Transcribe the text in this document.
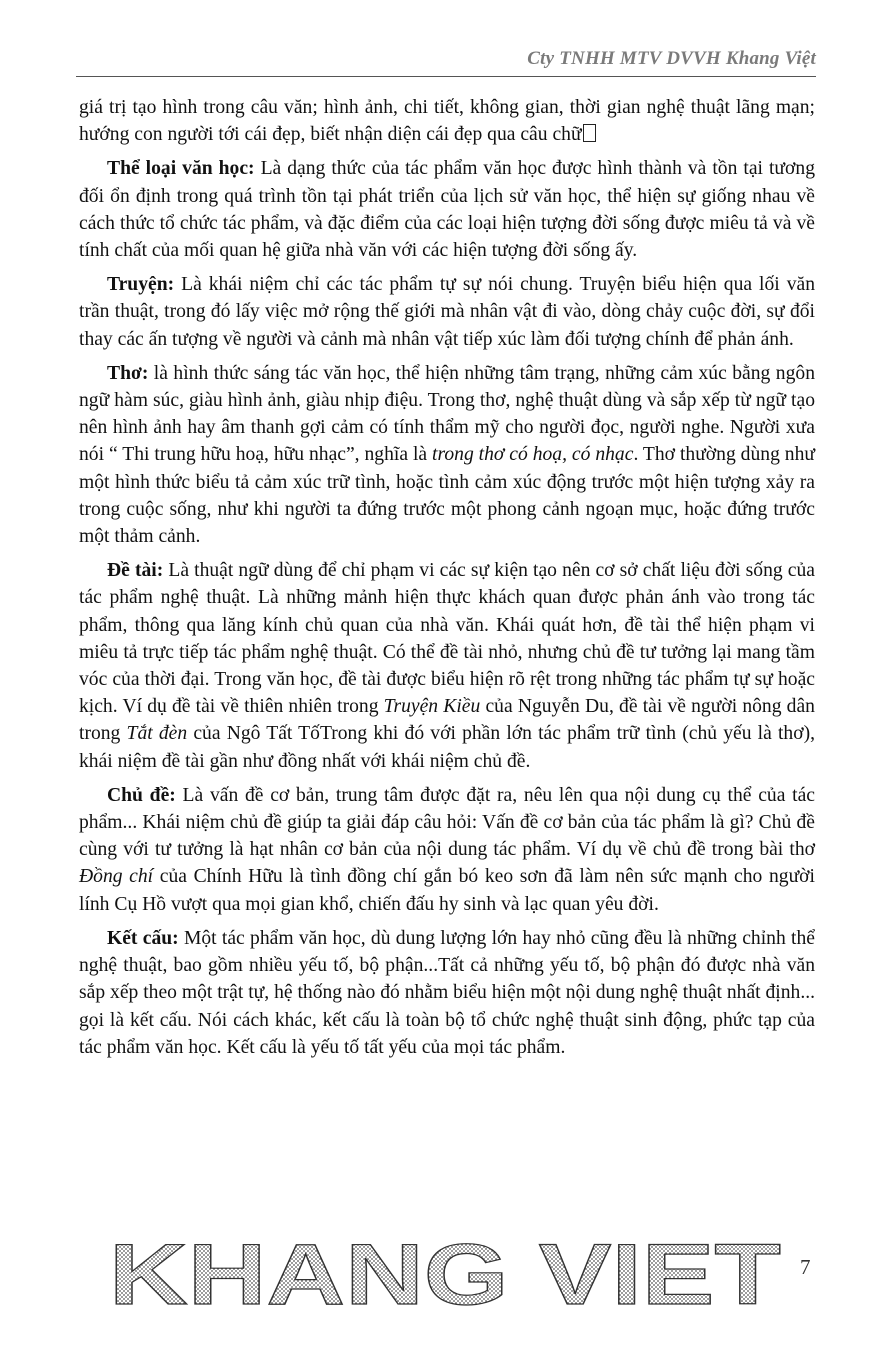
Cty TNHH MTV DVVH Khang Việt

giá trị tạo hình trong câu văn; hình ảnh, chi tiết, không gian, thời gian nghệ thuật lãng mạn; hướng con người tới cái đẹp, biết nhận diện cái đẹp qua câu chữ

Thể loại văn học: Là dạng thức của tác phẩm văn học được hình thành và tồn tại tương đối ổn định trong quá trình tồn tại phát triển của lịch sử văn học, thể hiện sự giống nhau về cách thức tổ chức tác phẩm, và đặc điểm của các loại hiện tượng đời sống được miêu tả và về tính chất của mối quan hệ giữa nhà văn với các hiện tượng đời sống ấy.

Truyện: Là khái niệm chỉ các tác phẩm tự sự nói chung. Truyện biểu hiện qua lối văn trần thuật, trong đó lấy việc mở rộng thế giới mà nhân vật đi vào, dòng chảy cuộc đời, sự đổi thay các ấn tượng về người và cảnh mà nhân vật tiếp xúc làm đối tượng chính để phản ánh.

Thơ: là hình thức sáng tác văn học, thể hiện những tâm trạng, những cảm xúc bằng ngôn ngữ hàm súc, giàu hình ảnh, giàu nhịp điệu. Trong thơ, nghệ thuật dùng và sắp xếp từ ngữ tạo nên hình ảnh hay âm thanh gợi cảm có tính thẩm mỹ cho người đọc, người nghe. Người xưa nói “ Thi trung hữu hoạ, hữu nhạc”, nghĩa là trong thơ có hoạ, có nhạc. Thơ thường dùng như một hình thức biểu tả cảm xúc trữ tình, hoặc tình cảm xúc động trước một hiện tượng xảy ra trong cuộc sống, như khi người ta đứng trước một phong cảnh ngoạn mục, hoặc đứng trước một thảm cảnh.

Đề tài: Là thuật ngữ dùng để chỉ phạm vi các sự kiện tạo nên cơ sở chất liệu đời sống của tác phẩm nghệ thuật. Là những mảnh hiện thực khách quan được phản ánh vào trong tác phẩm, thông qua lăng kính chủ quan của nhà văn. Khái quát hơn, đề tài thể hiện phạm vi miêu tả trực tiếp tác phẩm nghệ thuật. Có thể đề tài nhỏ, nhưng chủ đề tư tưởng lại mang tầm vóc của thời đại. Trong văn học, đề tài được biểu hiện rõ rệt trong những tác phẩm tự sự hoặc kịch. Ví dụ đề tài về thiên nhiên trong Truyện Kiều của Nguyễn Du, đề tài về người nông dân trong Tắt đèn của Ngô Tất TốTrong khi đó với phần lớn tác phẩm trữ tình (chủ yếu là thơ), khái niệm đề tài gần như đồng nhất với khái niệm chủ đề.

Chủ đề: Là vấn đề cơ bản, trung tâm được đặt ra, nêu lên qua nội dung cụ thể của tác phẩm... Khái niệm chủ đề giúp ta giải đáp câu hỏi: Vấn đề cơ bản của tác phẩm là gì? Chủ đề cùng với tư tưởng là hạt nhân cơ bản của nội dung tác phẩm. Ví dụ về chủ đề trong bài thơ Đồng chí của Chính Hữu là tình đồng chí gắn bó keo sơn đã làm nên sức mạnh cho người lính Cụ Hồ vượt qua mọi gian khổ, chiến đấu hy sinh và lạc quan yêu đời.

Kết cấu: Một tác phẩm văn học, dù dung lượng lớn hay nhỏ cũng đều là những chỉnh thể nghệ thuật, bao gồm nhiều yếu tố, bộ phận...Tất cả những yếu tố, bộ phận đó được nhà văn sắp xếp theo một trật tự, hệ thống nào đó nhằm biểu hiện một nội dung nghệ thuật nhất định... gọi là kết cấu. Nói cách khác, kết cấu là toàn bộ tổ chức nghệ thuật sinh động, phức tạp của tác phẩm văn học. Kết cấu là yếu tố tất yếu của mọi tác phẩm.

KHANG VIET 7
